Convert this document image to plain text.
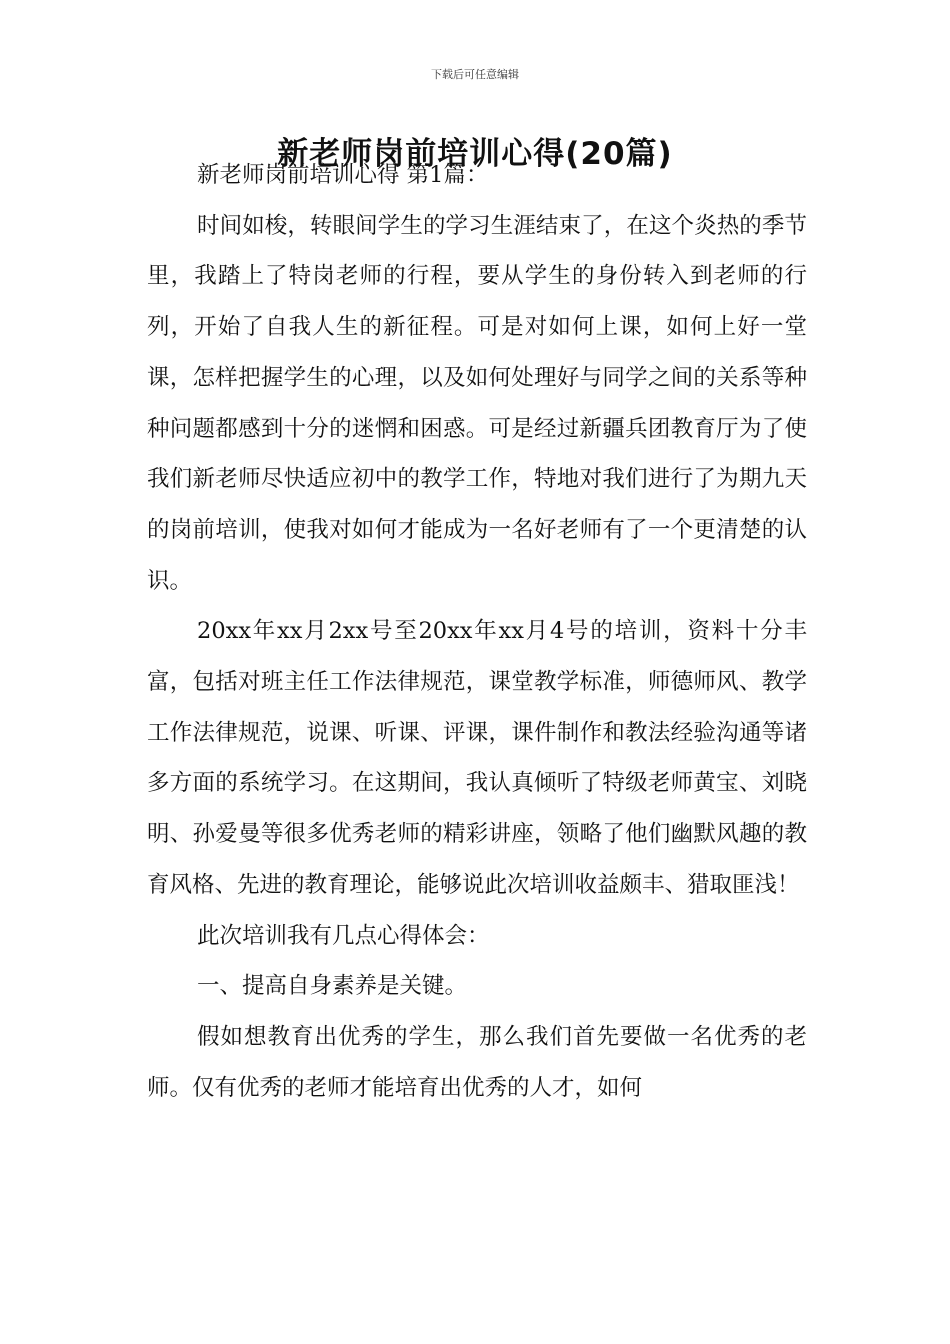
下载后可任意编辑
新老师岗前培训心得(20篇)

新老师岗前培训心得 第1篇：

时间如梭，转眼间学生的学习生涯结束了，在这个炎热的季节里，我踏上了特岗老师的行程，要从学生的身份转入到老师的行列，开始了自我人生的新征程。可是对如何上课，如何上好一堂课，怎样把握学生的心理，以及如何处理好与同学之间的关系等种种问题都感到十分的迷惘和困惑。可是经过新疆兵团教育厅为了使我们新老师尽快适应初中的教学工作，特地对我们进行了为期九天的岗前培训，使我对如何才能成为一名好老师有了一个更清楚的认识。

20xx年xx月2xx号至20xx年xx月4号的培训，资料十分丰富，包括对班主任工作法律规范，课堂教学标准，师德师风、教学工作法律规范，说课、听课、评课，课件制作和教法经验沟通等诸多方面的系统学习。在这期间，我认真倾听了特级老师黄宝、刘晓明、孙爱曼等很多优秀老师的精彩讲座，领略了他们幽默风趣的教育风格、先进的教育理论，能够说此次培训收益颇丰、猎取匪浅！

此次培训我有几点心得体会：

一、提高自身素养是关键。

假如想教育出优秀的学生，那么我们首先要做一名优秀的老师。仅有优秀的老师才能培育出优秀的人才，如何
